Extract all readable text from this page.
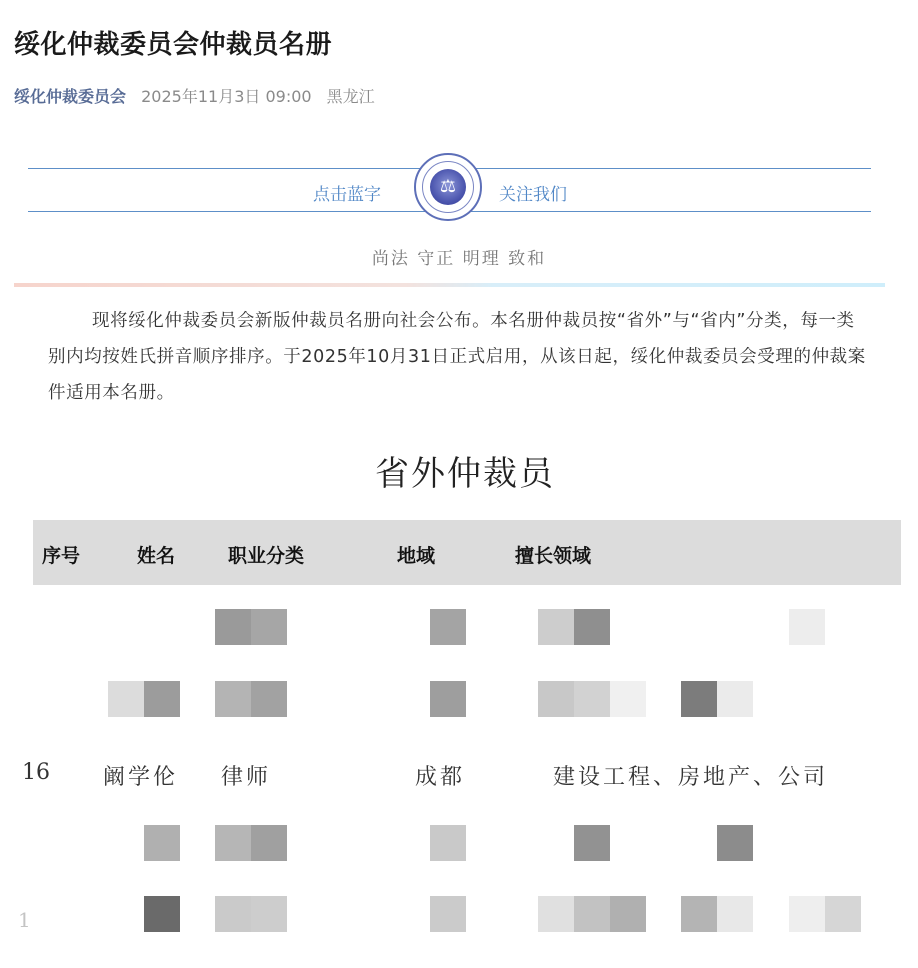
绥化仲裁委员会仲裁员名册
绥化仲裁委员会 2025年11月3日 09:00 黑龙江
点击蓝字	⚖	关注我们
尚法 守正 明理 致和
现将绥化仲裁委员会新版仲裁员名册向社会公布。本名册仲裁员按“省外”与“省内”分类，每一类别内均按姓氏拼音顺序排序。于2025年10月31日正式启用，从该日起，绥化仲裁委员会受理的仲裁案件适用本名册。
省外仲裁员
序号	姓名	职业分类	地域	擅长领域
16 阚学伦 律师	成都	建设工程、房地产、公司
1
